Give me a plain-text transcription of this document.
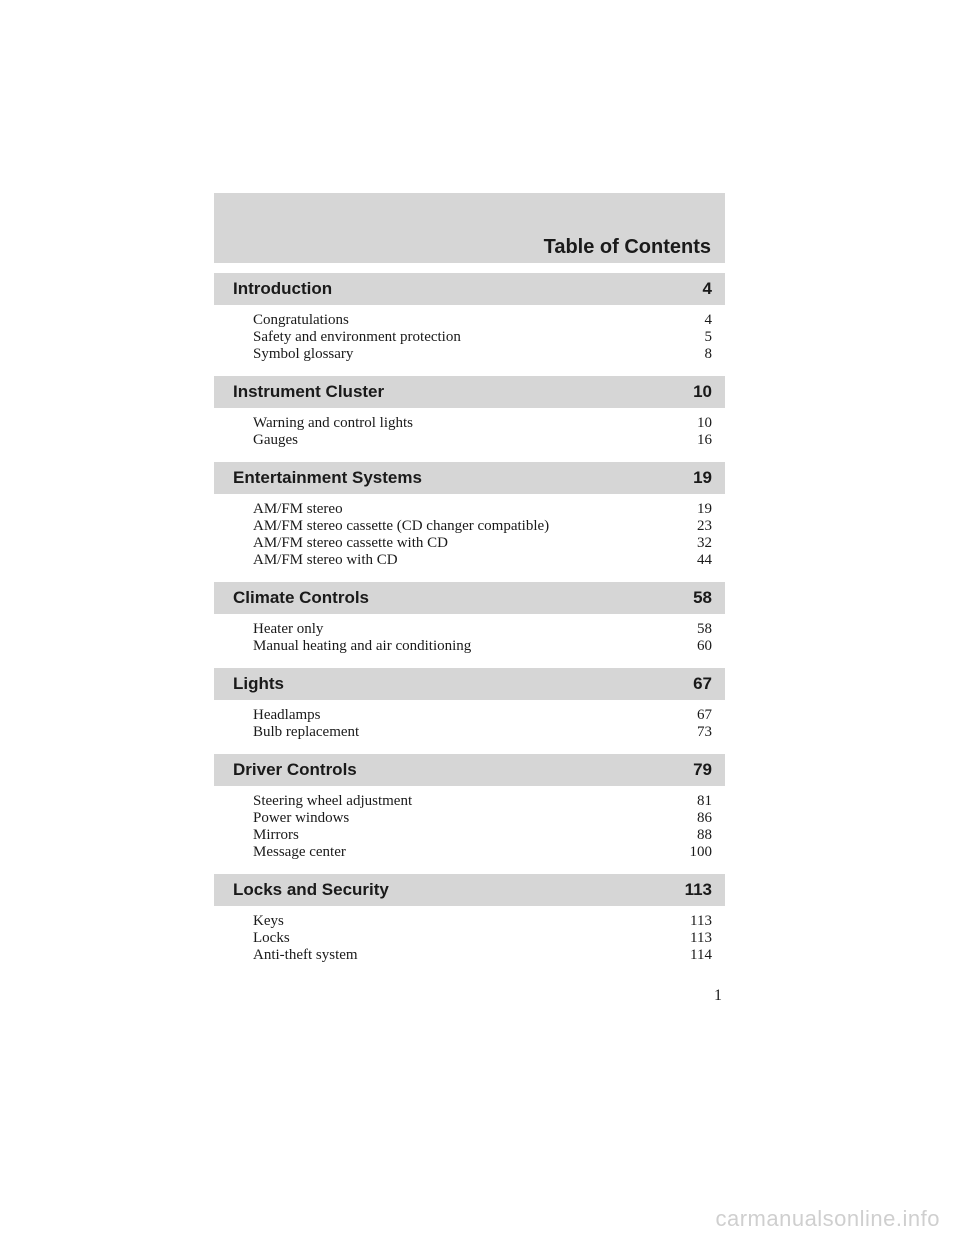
Table of Contents
Introduction	4
Congratulations	4
Safety and environment protection	5
Symbol glossary	8
Instrument Cluster	10
Warning and control lights	10
Gauges	16
Entertainment Systems	19
AM/FM stereo	19
AM/FM stereo cassette (CD changer compatible)	23
AM/FM stereo cassette with CD	32
AM/FM stereo with CD	44
Climate Controls	58
Heater only	58
Manual heating and air conditioning	60
Lights	67
Headlamps	67
Bulb replacement	73
Driver Controls	79
Steering wheel adjustment	81
Power windows	86
Mirrors	88
Message center	100
Locks and Security	113
Keys	113
Locks	113
Anti-theft system	114
1
carmanualsonline.info
